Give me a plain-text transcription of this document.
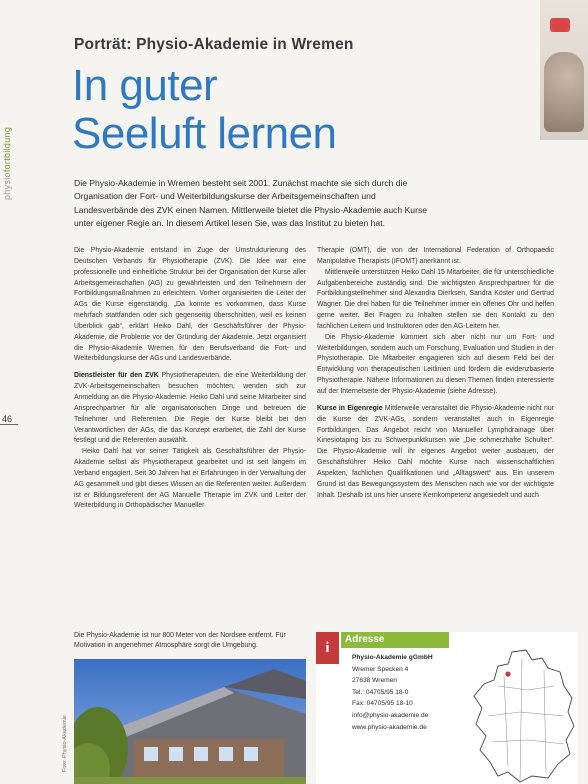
physiofortbildung
46
Porträt: Physio-Akademie in Wremen
In guter
Seeluft lernen

Die Physio-Akademie in Wremen besteht seit 2001. Zunächst machte sie sich durch die Organisation der Fort- und Weiterbildungskurse der Arbeitsgemeinschaften und Landesverbände des ZVK einen Namen. Mittlerweile bietet die Physio-Akademie auch Kurse unter eigener Regie an. In diesem Artikel lesen Sie, was das Institut zu bieten hat.

Die Physio-Akademie entstand im Zuge der Umstrukturierung des Deutschen Verbands für Physiotherapie (ZVK). Die Idee war eine professionelle und einheitliche Struktur bei der Organisation der Kurse aller Arbeitsgemeinschaften (AG) zu gewährleisten und den Teilnehmern der Fortbildungsmaßnahmen zu erleichtern. Vorher organisierten die Leiter der AGs die Kurse eigenständig. „Da konnte es vorkommen, dass Kurse mehrfach stattfanden oder sich gegenseitig überschnitten, weil es keinen Überblick gab“, erklärt Heiko Dahl, der Geschäftsführer der Physio-Akademie, die Probleme vor der Gründung der Akademie. Jetzt organisiert die Physio-Akademie Wremen für den Berufsverband die Fort- und Weiterbildungskurse der AGs und Landesverbände.

Dienstleister für den ZVK Physiotherapeuten, die eine Weiterbildung der ZVK-Arbeitsgemeinschaften besuchen möchten, wenden sich zur Anmeldung an die Physio-Akademie. Heiko Dahl und seine Mitarbeiter sind Ansprechpartner für alle organisatorischen Dinge und betreuen die Teilnehmer und Referenten. Die Regie der Kurse bleibt bei den Verantwortlichen der AGs, die das Konzept erarbeitet, die Zahl der Kurse festlegt und die Referenten auswählt.

Heiko Dahl hat vor seiner Tätigkeit als Geschäftsführer der Physio-Akademie selbst als Physiotherapeut gearbeitet und ist seit langem im Verband engagiert. Seit 30 Jahren hat er Erfahrungen in der Verwaltung der AG gesammelt und gibt dieses Wissen an die Referenten weiter. Außerdem ist er Bildungsreferent der AG Manuelle Therapie im ZVK und Leiter der Weiterbildung in Orthopädischer Manueller

Therapie (OMT), die von der International Federation of Orthopaedic Manipulative Therapists (IFOMT) anerkannt ist.

Mittlerweile unterstützen Heiko Dahl 15 Mitarbeiter, die für unterschiedliche Aufgabenbereiche zuständig sind. Die wichtigsten Ansprechpartner für die Fortbildungsteilnehmer sind Alexandra Dierksen, Sandra Köster und Gertrud Wagner. Die drei haben für die Teilnehmer immer ein offenes Ohr und helfen gerne weiter. Bei Fragen zu Inhalten stellen sie den Kontakt zu den fachlichen Leitern und Instruktoren oder den AG-Leitern her.

Die Physio-Akademie kümmert sich aber nicht nur um Fort- und Weiterbildungen, sondern auch um Forschung, Evaluation und Studien in der Physiotherapie. Die Mitarbeiter engagieren sich auf diesem Feld bei der Entwicklung von therapeutischen Leitlinien und fördern die evidenzbasierte Physiotherapie. Nähere Informationen zu diesen Themen finden interessierte auf der Internetseite der Physio-Akademie (siehe Adresse).

Kurse in Eigenregie Mittlerweile veranstaltet die Physio-Akademie nicht nur die Kurse der ZVK-AGs, sondern veranstaltet auch in Eigenregie Fortbildungen. Das Angebot reicht von Manueller Lymphdrainage über Kinesiotaping bis zu Schwerpunktkursen wie „Die schmerzhafte Schulter“. Die Physio-Akademie will ihr eigenes Angebot weiter ausbauen, der Geschäftsführer Heiko Dahl möchte Kurse nach wissenschaftlichen Aspekten, fachlichen Qualifikationen und „Alltagswert“ aus. Ein unserem Grund ist das Bewegungssystem des Menschen nach wie vor der wichtigste Inhalt. Deshalb ist uns hier unsere Kernkompetenz angesiedelt und auch

Die Physio-Akademie ist nur 800 Meter von der Nordsee entfernt. Für Motivation in angenehmer Atmosphäre sorgt die Umgebung.

Foto: Physio-Akademie
i
Adresse
Physio-Akademie gGmbH
Wremer Specken 4
27638 Wremen
Tel.: 04705/95 18-0
Fax: 04705/95 18-10
info@physio-akademie.de
www.physio-akademie.de
